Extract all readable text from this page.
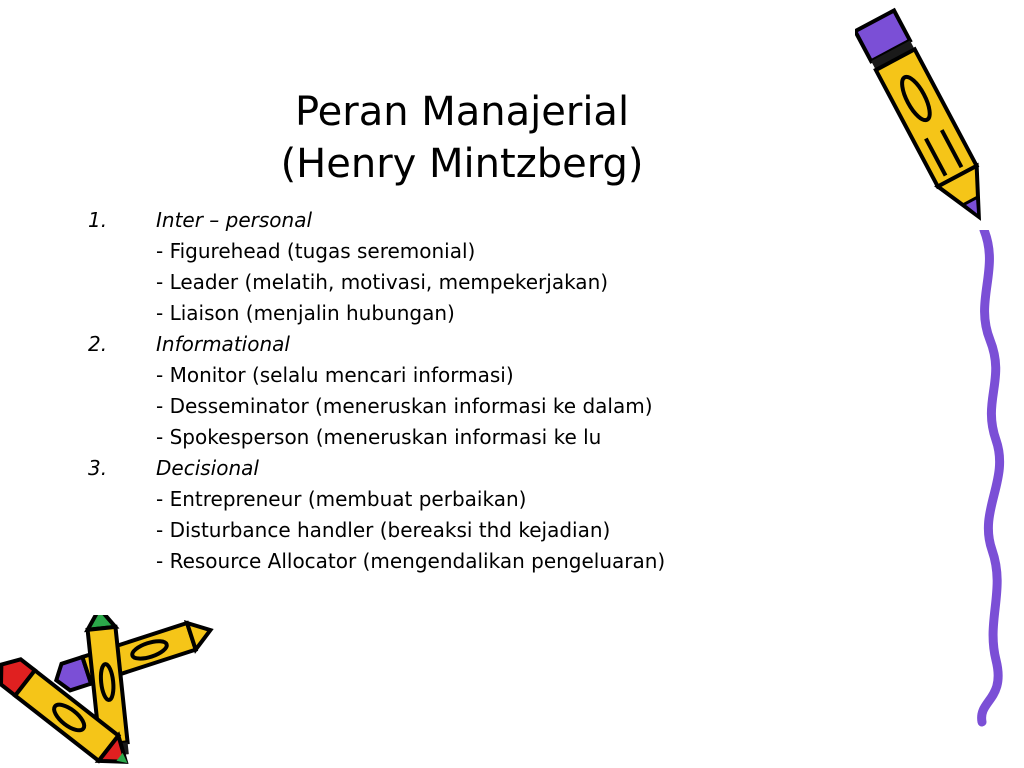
Peran Manajerial
(Henry Mintzberg)
1. Inter – personal
- Figurehead (tugas seremonial)
- Leader (melatih, motivasi, mempekerjakan)
- Liaison (menjalin hubungan)
2. Informational
- Monitor (selalu mencari informasi)
- Desseminator (meneruskan informasi ke dalam)
- Spokesperson (meneruskan informasi ke lu
3. Decisional
- Entrepreneur (membuat perbaikan)
- Disturbance handler (bereaksi thd kejadian)
- Resource Allocator (mengendalikan pengeluaran)
